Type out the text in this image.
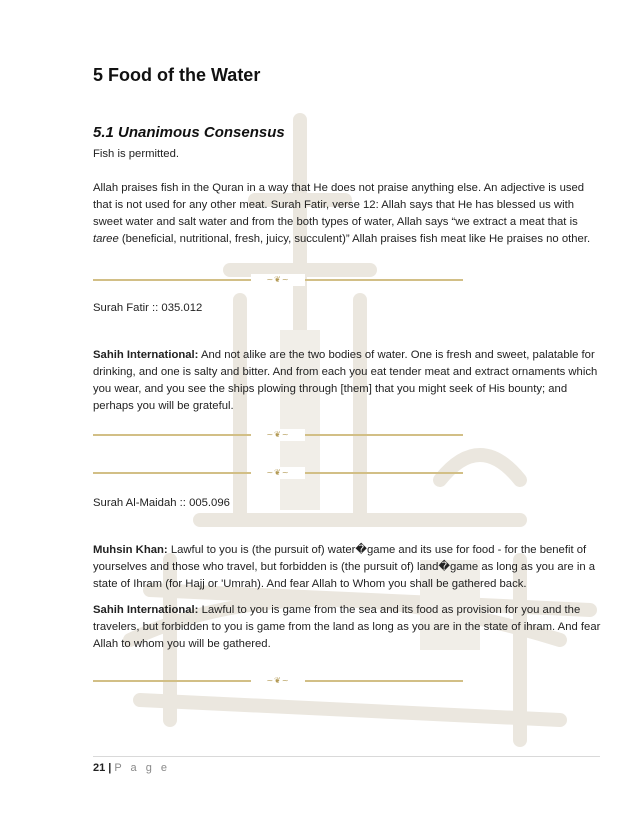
5 Food of the Water
5.1 Unanimous Consensus
Fish is permitted.
Allah praises fish in the Quran in a way that He does not praise anything else. An adjective is used that is not used for any other meat. Surah Fatir, verse 12: Allah says that He has blessed us with sweet water and salt water and from the both types of water, Allah says “we extract a meat that is taree (beneficial, nutritional, fresh, juicy, succulent)” Allah praises fish meat like He praises no other.
~❦~
Surah Fatir :: 035.012
Sahih International: And not alike are the two bodies of water. One is fresh and sweet, palatable for drinking, and one is salty and bitter. And from each you eat tender meat and extract ornaments which you wear, and you see the ships plowing through [them] that you might seek of His bounty; and perhaps you will be grateful.
~❦~
~❦~
Surah Al-Maidah :: 005.096
Muhsin Khan: Lawful to you is (the pursuit of) water�game and its use for food - for the benefit of yourselves and those who travel, but forbidden is (the pursuit of) land�game as long as you are in a state of Ihram (for Hajj or 'Umrah). And fear Allah to Whom you shall be gathered back.
Sahih International: Lawful to you is game from the sea and its food as provision for you and the travelers, but forbidden to you is game from the land as long as you are in the state of ihram. And fear Allah to whom you will be gathered.
~❦~
21 | P a g e
